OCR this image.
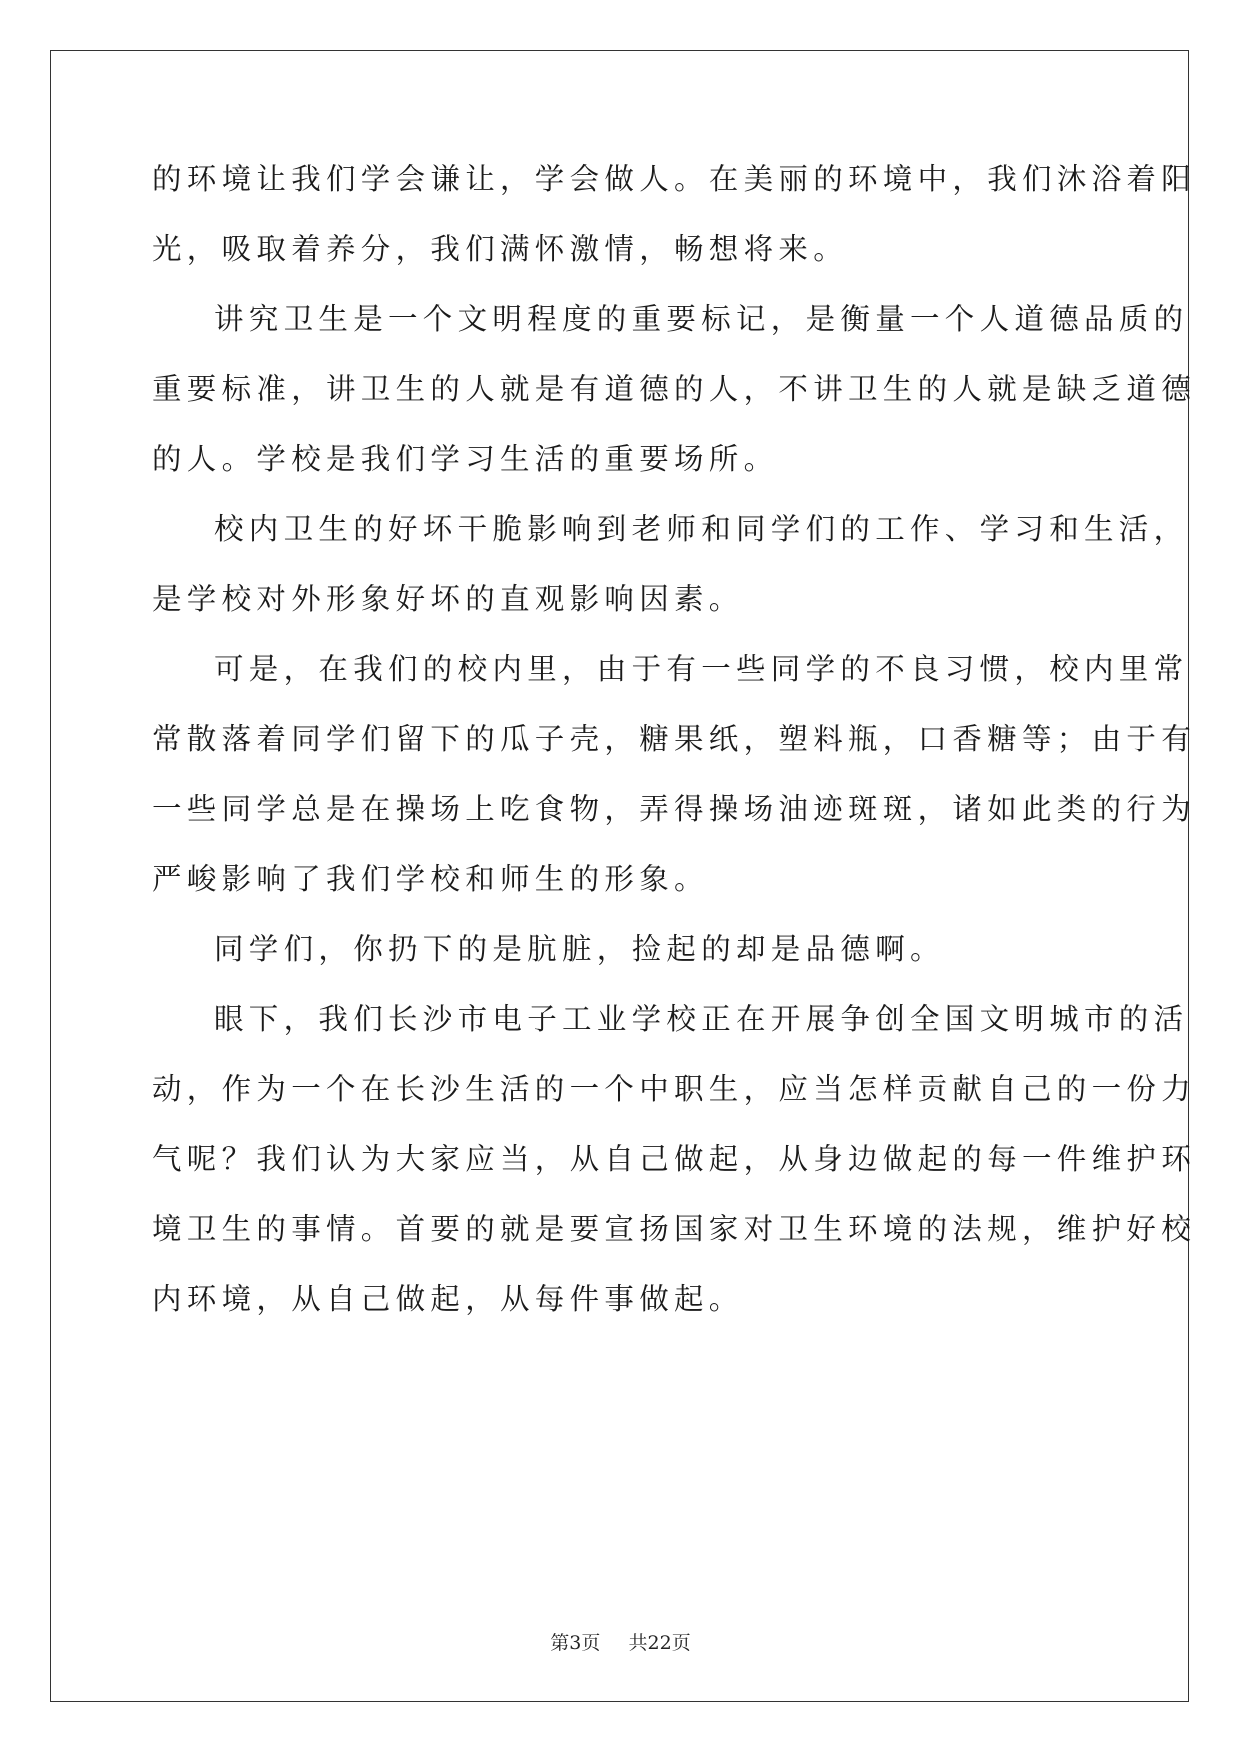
的环境让我们学会谦让，学会做人。在美丽的环境中，我们沐浴着阳
光，吸取着养分，我们满怀激情，畅想将来。
讲究卫生是一个文明程度的重要标记，是衡量一个人道德品质的
重要标准，讲卫生的人就是有道德的人，不讲卫生的人就是缺乏道德
的人。学校是我们学习生活的重要场所。
校内卫生的好坏干脆影响到老师和同学们的工作、学习和生活，
是学校对外形象好坏的直观影响因素。
可是，在我们的校内里，由于有一些同学的不良习惯，校内里常
常散落着同学们留下的瓜子壳，糖果纸，塑料瓶，口香糖等；由于有
一些同学总是在操场上吃食物，弄得操场油迹斑斑，诸如此类的行为
严峻影响了我们学校和师生的形象。
同学们，你扔下的是肮脏，捡起的却是品德啊。
眼下，我们长沙市电子工业学校正在开展争创全国文明城市的活
动，作为一个在长沙生活的一个中职生，应当怎样贡献自己的一份力
气呢？我们认为大家应当，从自己做起，从身边做起的每一件维护环
境卫生的事情。首要的就是要宣扬国家对卫生环境的法规，维护好校
内环境，从自己做起，从每件事做起。
第3页 共22页
